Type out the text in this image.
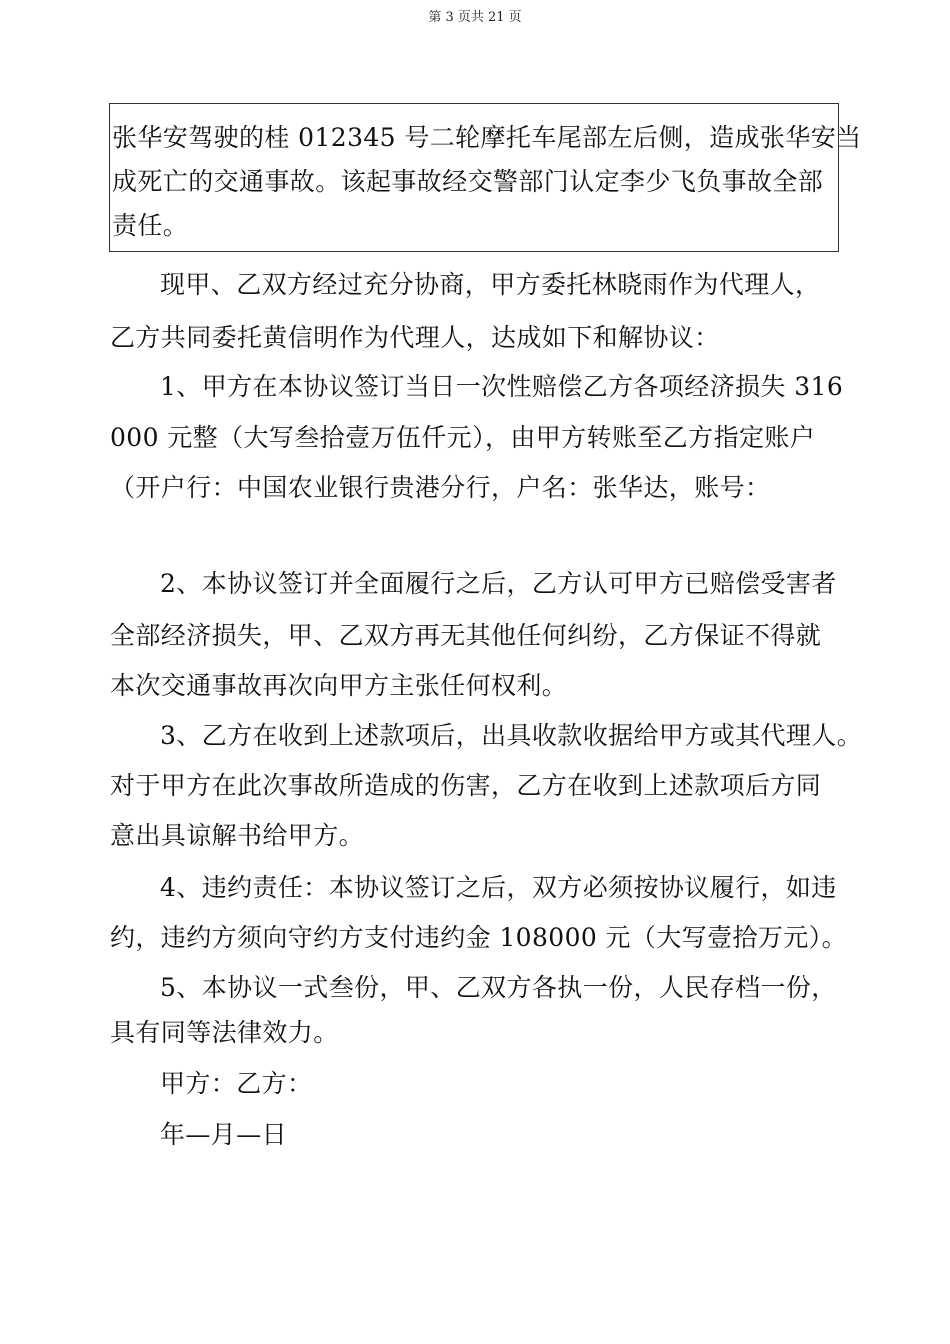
第 3 页共 21 页
张华安驾驶的桂 012345 号二轮摩托车尾部左后侧，造成张华安当
成死亡的交通事故。该起事故经交警部门认定李少飞负事故全部
责任。
现甲、乙双方经过充分协商，甲方委托林晓雨作为代理人，
乙方共同委托黄信明作为代理人，达成如下和解协议：
1、甲方在本协议签订当日一次性赔偿乙方各项经济损失 316
000 元整（大写叁拾壹万伍仟元），由甲方转账至乙方指定账户
（开户行：中国农业银行贵港分行，户名：张华达，账号：
2、本协议签订并全面履行之后，乙方认可甲方已赔偿受害者
全部经济损失，甲、乙双方再无其他任何纠纷，乙方保证不得就
本次交通事故再次向甲方主张任何权利。
3、乙方在收到上述款项后，出具收款收据给甲方或其代理人。
对于甲方在此次事故所造成的伤害，乙方在收到上述款项后方同
意出具谅解书给甲方。
4、违约责任：本协议签订之后，双方必须按协议履行，如违
约，违约方须向守约方支付违约金 108000 元（大写壹拾万元）。
5、本协议一式叁份，甲、乙双方各执一份，人民存档一份，
具有同等法律效力。
甲方：乙方：
年—月—日
